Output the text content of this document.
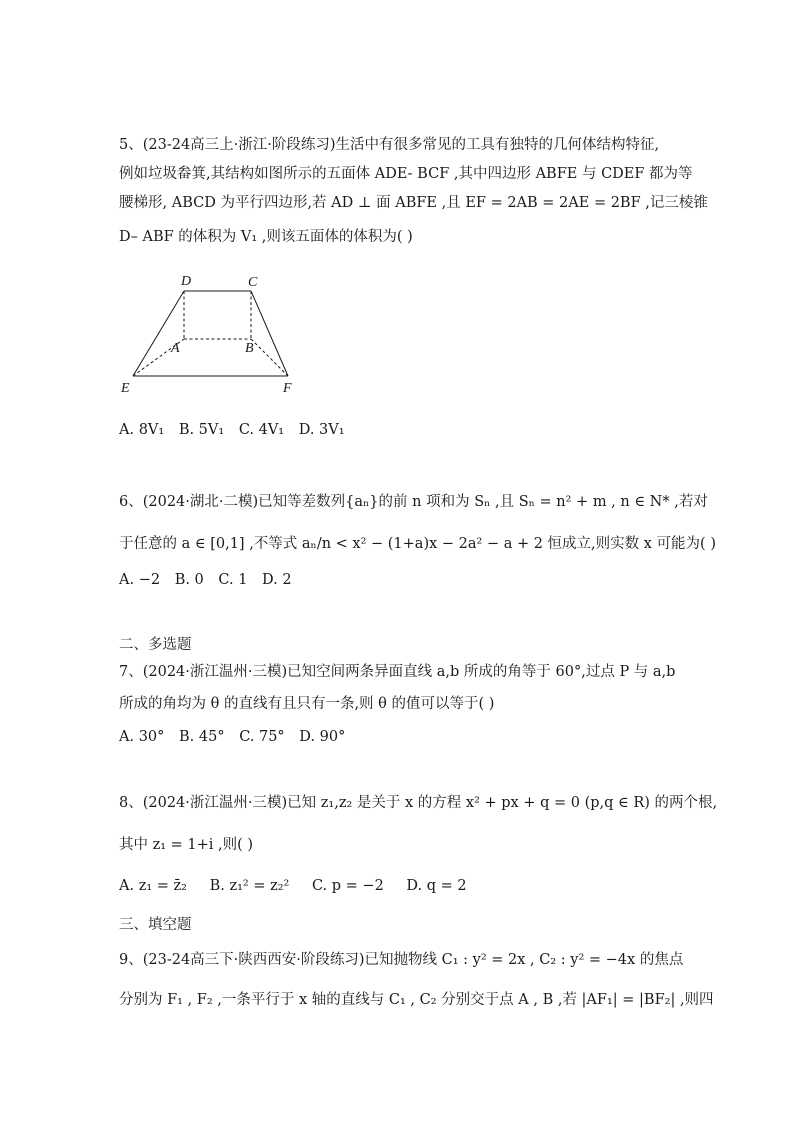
5、(23-24高三上·浙江·阶段练习)生活中有很多常见的工具有独特的几何体结构特征,
例如垃圾畚箕,其结构如图所示的五面体 ADE- BCF ,其中四边形 ABFE 与 CDEF 都为等
腰梯形, ABCD 为平行四边形,若 AD ⊥ 面 ABFE ,且 EF = 2AB = 2AE = 2BF ,记三棱锥
D– ABF 的体积为 V₁ ,则该五面体的体积为( )
D	C
A	B
E	F
A. 8V₁ B. 5V₁ C. 4V₁ D. 3V₁
6、(2024·湖北·二模)已知等差数列{aₙ}的前 n 项和为 Sₙ ,且 Sₙ = n² + m , n ∈ N* ,若对
于任意的 a ∈ [0,1] ,不等式 aₙ/n < x² − (1+a)x − 2a² − a + 2 恒成立,则实数 x 可能为( )
A. −2 B. 0 C. 1 D. 2
二、多选题
7、(2024·浙江温州·三模)已知空间两条异面直线 a,b 所成的角等于 60°,过点 P 与 a,b
所成的角均为 θ 的直线有且只有一条,则 θ 的值可以等于( )
A. 30° B. 45° C. 75° D. 90°
8、(2024·浙江温州·三模)已知 z₁,z₂ 是关于 x 的方程 x² + px + q = 0 (p,q ∈ R) 的两个根,
其中 z₁ = 1+i ,则( )
A. z₁ = z̄₂ B. z₁² = z₂² C. p = −2 D. q = 2
三、填空题
9、(23-24高三下·陕西西安·阶段练习)已知抛物线 C₁ : y² = 2x , C₂ : y² = −4x 的焦点
分别为 F₁ , F₂ ,一条平行于 x 轴的直线与 C₁ , C₂ 分别交于点 A , B ,若 |AF₁| = |BF₂| ,则四
